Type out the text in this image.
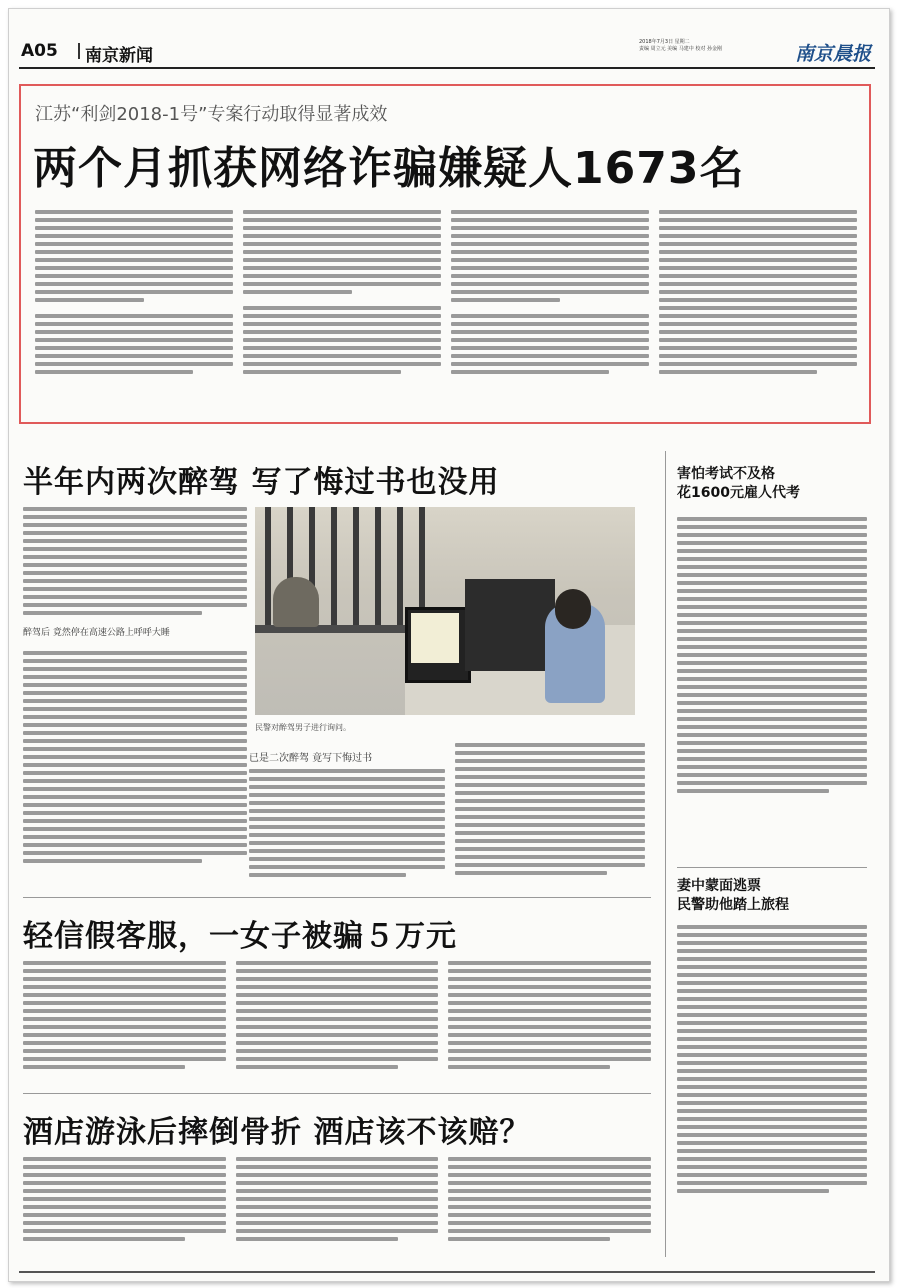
A05 南京新闻
2018年7月3日 星期二
责编 周立元 美编 马建中 校对 孙金刚	南京晨报
江苏“利剑2018-1号”专案行动取得显著成效
两个月抓获网络诈骗嫌疑人1673名
半年内两次醉驾 写了悔过书也没用
醉驾后 竟然停在高速公路上呼呼大睡
民警对醉驾男子进行询问。
已是二次醉驾 竟写下悔过书
轻信假客服，一女子被骗５万元
酒店游泳后摔倒骨折 酒店该不该赔？
害怕考试不及格
花1600元雇人代考
妻中蒙面逃票
民警助他踏上旅程
